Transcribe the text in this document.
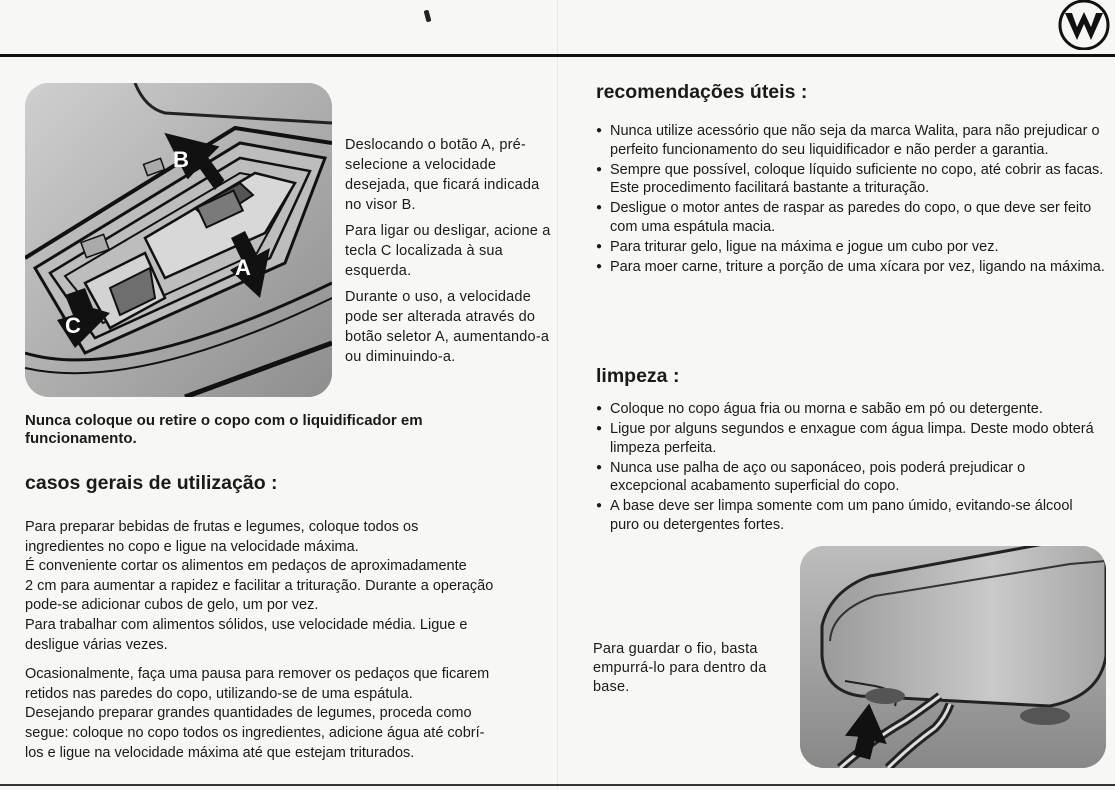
B
A
C

Deslocando o botão A, pré-selecione a velocidade desejada, que ficará indicada no visor B.

Para ligar ou desligar, acione a tecla C localizada à sua esquerda.

Durante o uso, a velocidade pode ser alterada através do botão seletor A, aumentando-a ou diminuindo-a.

Nunca coloque ou retire o copo com o liquidificador em funcionamento.
casos gerais de utilização :

Para preparar bebidas de frutas e legumes, coloque todos os

ingredientes no copo e ligue na velocidade máxima.

É conveniente cortar os alimentos em pedaços de aproximadamente

2 cm para aumentar a rapidez e facilitar a trituração. Durante a operação

pode-se adicionar cubos de gelo, um por vez.

Para trabalhar com alimentos sólidos, use velocidade média. Ligue e

desligue várias vezes.

Ocasionalmente, faça uma pausa para remover os pedaços que ficarem

retidos nas paredes do copo, utilizando-se de uma espátula.

Desejando preparar grandes quantidades de legumes, proceda como

segue: coloque no copo todos os ingredientes, adicione água até cobrí-

los e ligue na velocidade máxima até que estejam triturados.

recomendações úteis :
● Nunca utilize acessório que não seja da marca Walita, para não prejudicar o perfeito funcionamento do seu liquidificador e não perder a garantia.
● Sempre que possível, coloque líquido suficiente no copo, até cobrir as facas. Este procedimento facilitará bastante a trituração.
● Desligue o motor antes de raspar as paredes do copo, o que deve ser feito com uma espátula macia.
● Para triturar gelo, ligue na máxima e jogue um cubo por vez.
● Para moer carne, triture a porção de uma xícara por vez, ligando na máxima.
limpeza :
● Coloque no copo água fria ou morna e sabão em pó ou detergente.
● Ligue por alguns segundos e enxague com água limpa. Deste modo obterá limpeza perfeita.
● Nunca use palha de aço ou saponáceo, pois poderá prejudicar o excepcional acabamento superficial do copo.
● A base deve ser limpa somente com um pano úmido, evitando-se álcool puro ou detergentes fortes.
Para guardar o fio, basta empurrá-lo para dentro da base.
